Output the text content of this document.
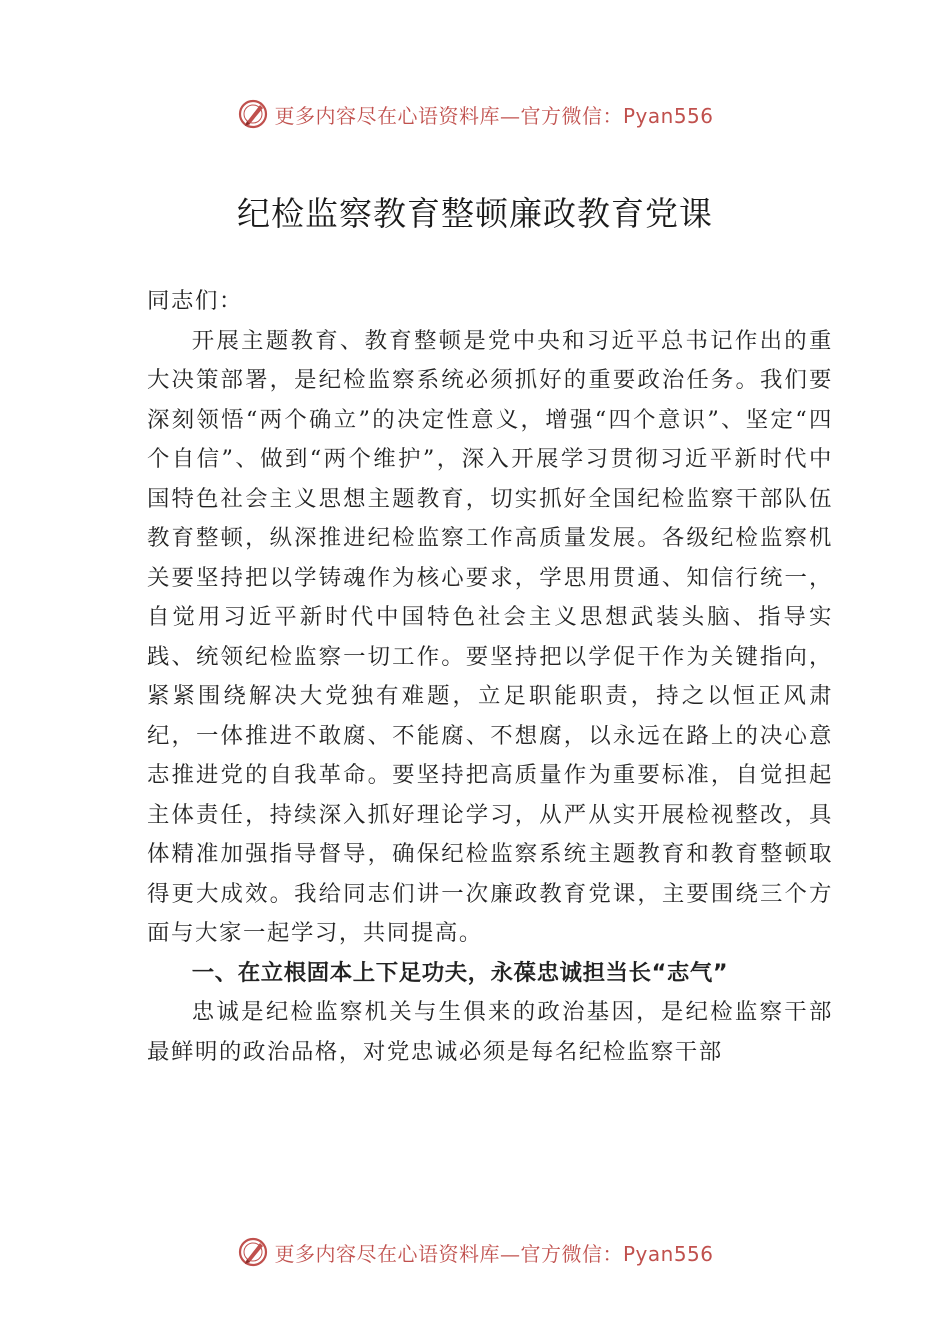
更多内容尽在心语资料库—官方微信：Pyan556
纪检监察教育整顿廉政教育党课

同志们：

开展主题教育、教育整顿是党中央和习近平总书记作出的重大决策部署，是纪检监察系统必须抓好的重要政治任务。我们要深刻领悟“两个确立”的决定性意义，增强“四个意识”、坚定“四个自信”、做到“两个维护”，深入开展学习贯彻习近平新时代中国特色社会主义思想主题教育，切实抓好全国纪检监察干部队伍教育整顿，纵深推进纪检监察工作高质量发展。各级纪检监察机关要坚持把以学铸魂作为核心要求，学思用贯通、知信行统一，自觉用习近平新时代中国特色社会主义思想武装头脑、指导实践、统领纪检监察一切工作。要坚持把以学促干作为关键指向，紧紧围绕解决大党独有难题，立足职能职责，持之以恒正风肃纪，一体推进不敢腐、不能腐、不想腐，以永远在路上的决心意志推进党的自我革命。要坚持把高质量作为重要标准，自觉担起主体责任，持续深入抓好理论学习，从严从实开展检视整改，具体精准加强指导督导，确保纪检监察系统主题教育和教育整顿取得更大成效。我给同志们讲一次廉政教育党课，主要围绕三个方面与大家一起学习，共同提高。

一、在立根固本上下足功夫，永葆忠诚担当长“志气”

忠诚是纪检监察机关与生俱来的政治基因，是纪检监察干部最鲜明的政治品格，对党忠诚必须是每名纪检监察干部

更多内容尽在心语资料库—官方微信：Pyan556
